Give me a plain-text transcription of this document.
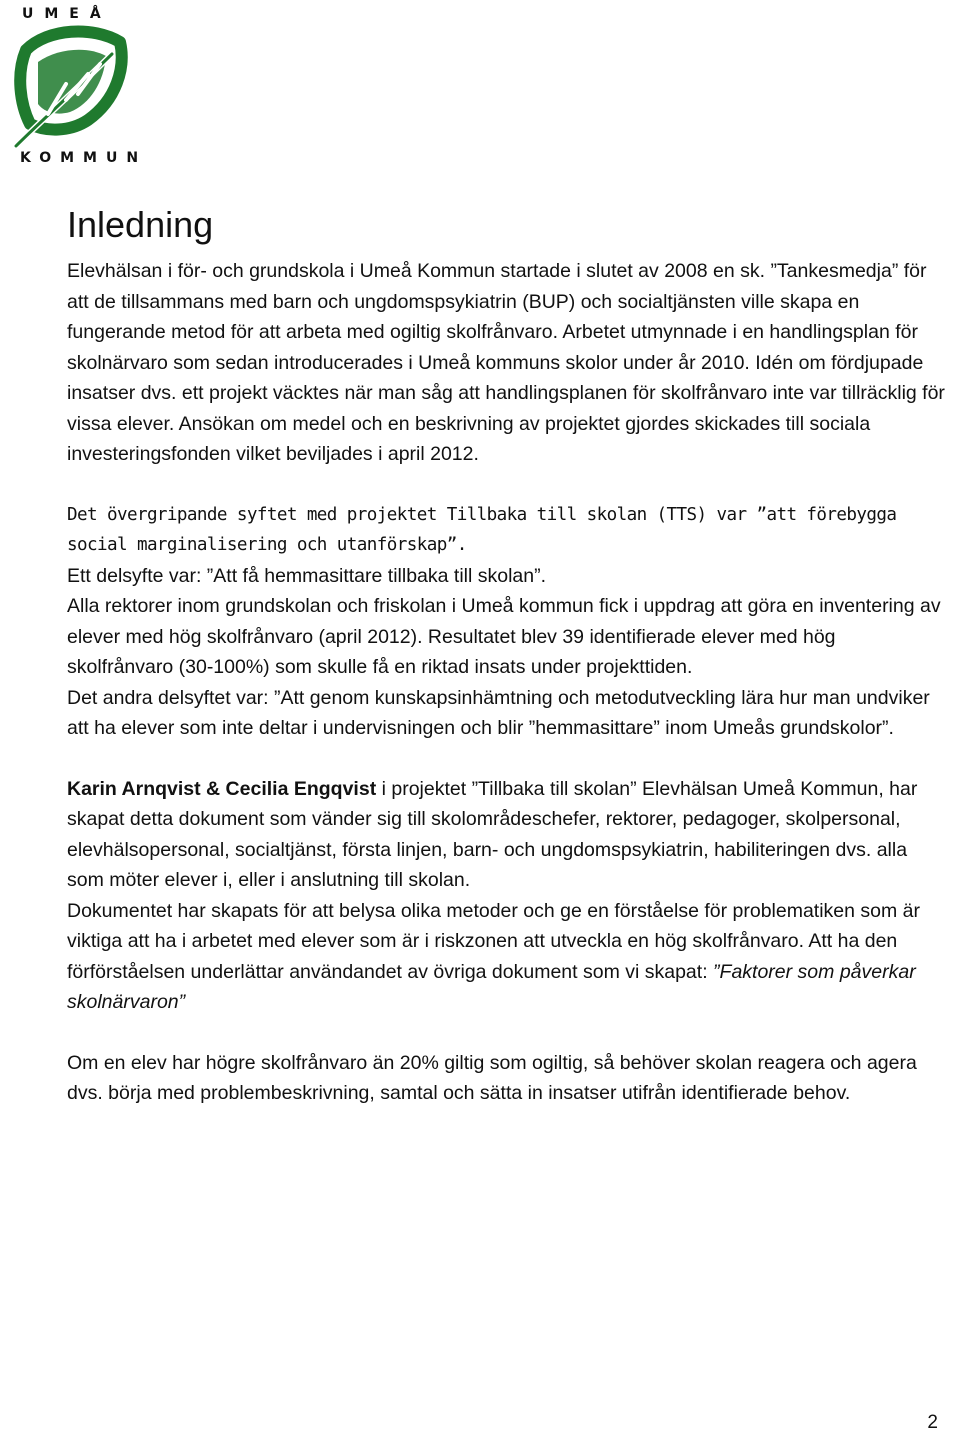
UMEÅ
KOMMUN
Inledning

Elevhälsan i för- och grundskola i Umeå Kommun startade i slutet av 2008 en sk. ”Tankesmedja” för att de tillsammans med barn och ungdomspsykiatrin (BUP) och socialtjänsten ville skapa en fungerande metod för att arbeta med ogiltig skolfrånvaro. Arbetet utmynnade i en handlingsplan för skolnärvaro som sedan introducerades i Umeå kommuns skolor under år 2010. Idén om fördjupade insatser dvs. ett projekt väcktes när man såg att handlingsplanen för skolfrånvaro inte var tillräcklig för vissa elever. Ansökan om medel och en beskrivning av projektet gjordes skickades till sociala investeringsfonden vilket beviljades i april 2012.

Det övergripande syftet med projektet Tillbaka till skolan (TTS) var ”att förebygga social marginalisering och utanförskap”.

Ett delsyfte var: ”Att få hemmasittare tillbaka till skolan”.

Alla rektorer inom grundskolan och friskolan i Umeå kommun fick i uppdrag att göra en inventering av elever med hög skolfrånvaro (april 2012). Resultatet blev 39 identifierade elever med hög skolfrånvaro (30-100%) som skulle få en riktad insats under projekttiden.

Det andra delsyftet var: ”Att genom kunskapsinhämtning och metodutveckling lära hur man undviker att ha elever som inte deltar i undervisningen och blir ”hemmasittare” inom Umeås grundskolor”.

Karin Arnqvist & Cecilia Engqvist i projektet ”Tillbaka till skolan” Elevhälsan Umeå Kommun, har skapat detta dokument som vänder sig till skolområdeschefer, rektorer, pedagoger, skolpersonal, elevhälsopersonal, socialtjänst, första linjen, barn- och ungdomspsykiatrin, habiliteringen dvs. alla som möter elever i, eller i anslutning till skolan.

Dokumentet har skapats för att belysa olika metoder och ge en förståelse för problematiken som är viktiga att ha i arbetet med elever som är i riskzonen att utveckla en hög skolfrånvaro. Att ha den förförståelsen underlättar användandet av övriga dokument som vi skapat: ”Faktorer som påverkar skolnärvaron”

Om en elev har högre skolfrånvaro än 20% giltig som ogiltig, så behöver skolan reagera och agera dvs. börja med problembeskrivning, samtal och sätta in insatser utifrån identifierade behov.

2
